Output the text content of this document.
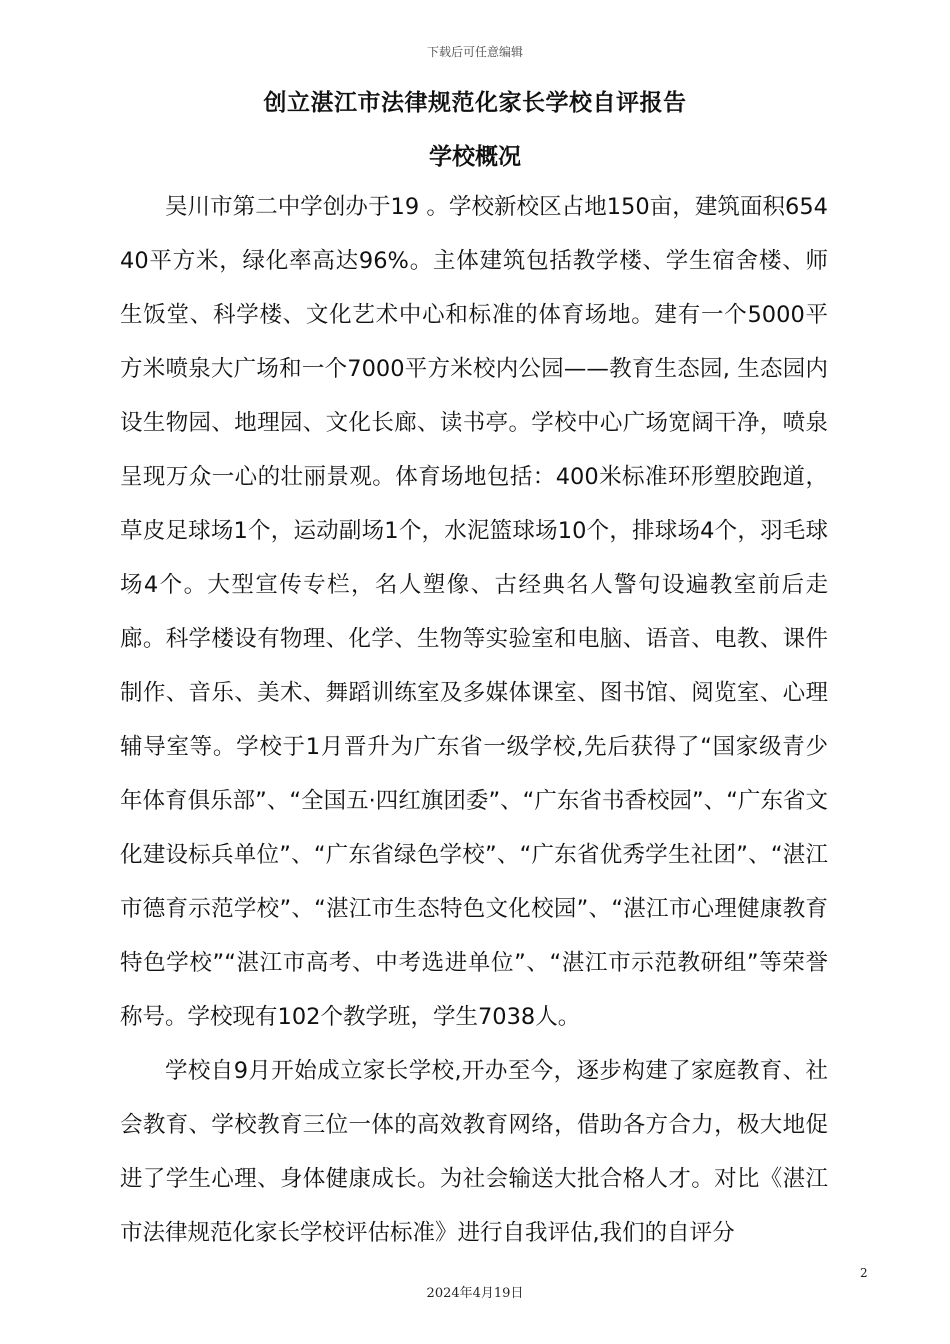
下载后可任意编辑
创立湛江市法律规范化家长学校自评报告
学校概况

吴川市第二中学创办于19 。学校新校区占地150亩，建筑面积65440平方米，绿化率高达96%。主体建筑包括教学楼、学生宿舍楼、师生饭堂、科学楼、文化艺术中心和标准的体育场地。建有一个5000平方米喷泉大广场和一个7000平方米校内公园——教育生态园, 生态园内设生物园、地理园、文化长廊、读书亭。学校中心广场宽阔干净，喷泉呈现万众一心的壮丽景观。体育场地包括：400米标准环形塑胶跑道，草皮足球场1个，运动副场1个，水泥篮球场10个，排球场4个，羽毛球场4个。大型宣传专栏，名人塑像、古经典名人警句设遍教室前后走廊。科学楼设有物理、化学、生物等实验室和电脑、语音、电教、课件制作、音乐、美术、舞蹈训练室及多媒体课室、图书馆、阅览室、心理辅导室等。学校于1月晋升为广东省一级学校,先后获得了“国家级青少年体育俱乐部”、“全国五·四红旗团委”、“广东省书香校园”、“广东省文化建设标兵单位”、“广东省绿色学校”、“广东省优秀学生社团”、“湛江市德育示范学校”、“湛江市生态特色文化校园”、“湛江市心理健康教育特色学校”“湛江市高考、中考选进单位”、“湛江市示范教研组”等荣誉称号。学校现有102个教学班，学生7038人。

学校自9月开始成立家长学校,开办至今，逐步构建了家庭教育、社会教育、学校教育三位一体的高效教育网络，借助各方合力，极大地促进了学生心理、身体健康成长。为社会输送大批合格人才。对比《湛江市法律规范化家长学校评估标准》进行自我评估,我们的自评分

2
2024年4月19日
